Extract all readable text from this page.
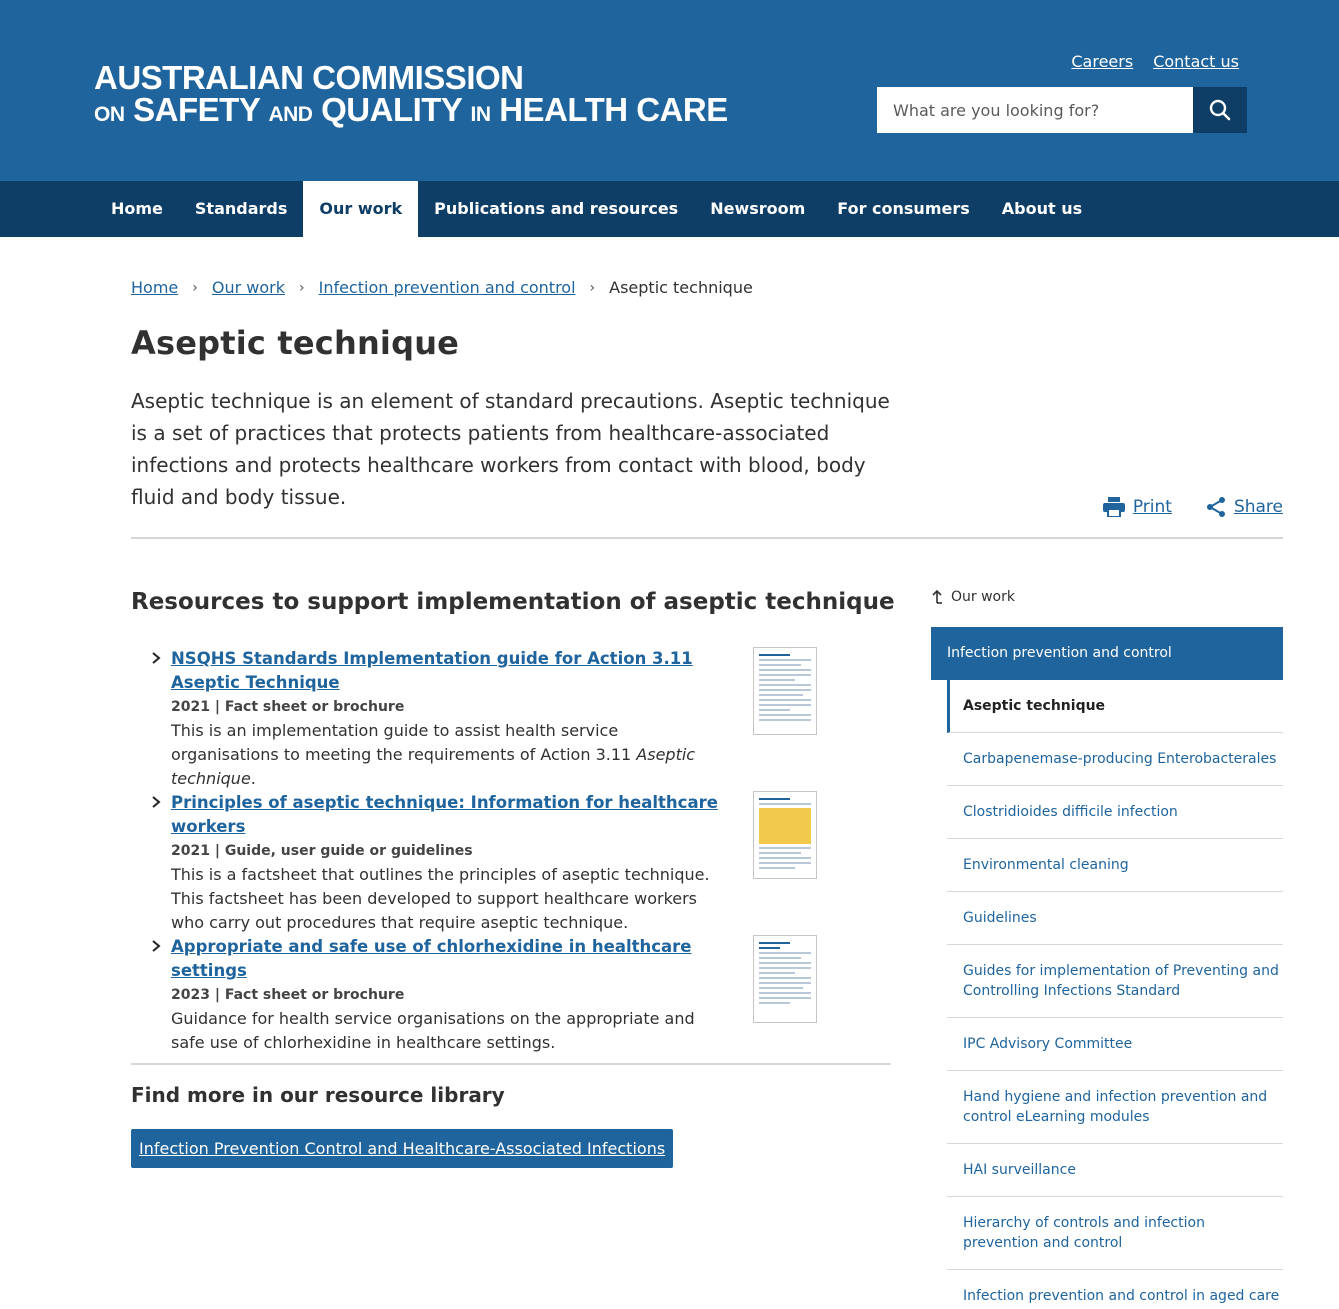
AUSTRALIAN COMMISSION
ON SAFETY AND QUALITY IN HEALTH CARE
Careers Contact us
What are you looking for?
Home	Standards	Our work	Publications and resources	Newsroom	For consumers	About us
Home › Our work › Infection prevention and control › Aseptic technique
Aseptic technique

Aseptic technique is an element of standard precautions. Aseptic technique is a set of practices that protects patients from healthcare-associated infections and protects healthcare workers from contact with blood, body fluid and body tissue.	Print	Share
Resources to support implementation of aseptic technique
NSQHS Standards Implementation guide for Action 3.11 Aseptic Technique
2021 | Fact sheet or brochure
This is an implementation guide to assist health service organisations to meeting the requirements of Action 3.11 Aseptic technique.
Principles of aseptic technique: Information for healthcare workers
2021 | Guide, user guide or guidelines
This is a factsheet that outlines the principles of aseptic technique. This factsheet has been developed to support healthcare workers who carry out procedures that require aseptic technique.
Appropriate and safe use of chlorhexidine in healthcare settings
2023 | Fact sheet or brochure
Guidance for health service organisations on the appropriate and safe use of chlorhexidine in healthcare settings.
Find more in our resource library
Infection Prevention Control and Healthcare-Associated Infections
Our work
Infection prevention and control
Aseptic technique
Carbapenemase-producing Enterobacterales
Clostridioides difficile infection
Environmental cleaning
Guidelines
Guides for implementation of Preventing and Controlling Infections Standard
IPC Advisory Committee
Hand hygiene and infection prevention and control eLearning modules
HAI surveillance
Hierarchy of controls and infection prevention and control
Infection prevention and control in aged care
